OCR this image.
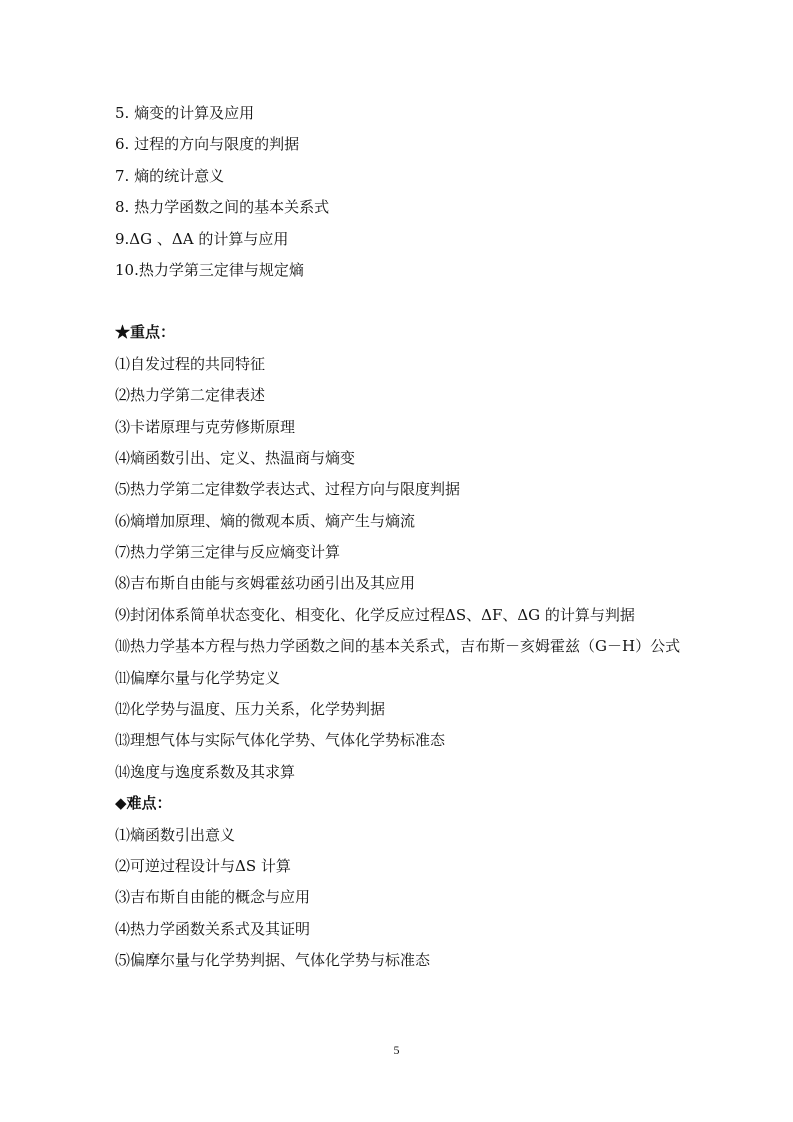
5. 熵变的计算及应用
6. 过程的方向与限度的判据
7. 熵的统计意义
8. 热力学函数之间的基本关系式
9.ΔG 、ΔA 的计算与应用
10.热力学第三定律与规定熵
★重点：
⑴自发过程的共同特征
⑵热力学第二定律表述
⑶卡诺原理与克劳修斯原理
⑷熵函数引出、定义、热温商与熵变
⑸热力学第二定律数学表达式、过程方向与限度判据
⑹熵增加原理、熵的微观本质、熵产生与熵流
⑺热力学第三定律与反应熵变计算
⑻吉布斯自由能与亥姆霍兹功函引出及其应用
⑼封闭体系简单状态变化、相变化、化学反应过程ΔS、ΔF、ΔG 的计算与判据
⑽热力学基本方程与热力学函数之间的基本关系式，吉布斯－亥姆霍兹（G－H）公式
⑾偏摩尔量与化学势定义
⑿化学势与温度、压力关系，化学势判据
⒀理想气体与实际气体化学势、气体化学势标准态
⒁逸度与逸度系数及其求算
◆难点：
⑴熵函数引出意义
⑵可逆过程设计与ΔS 计算
⑶吉布斯自由能的概念与应用
⑷热力学函数关系式及其证明
⑸偏摩尔量与化学势判据、气体化学势与标准态
5
